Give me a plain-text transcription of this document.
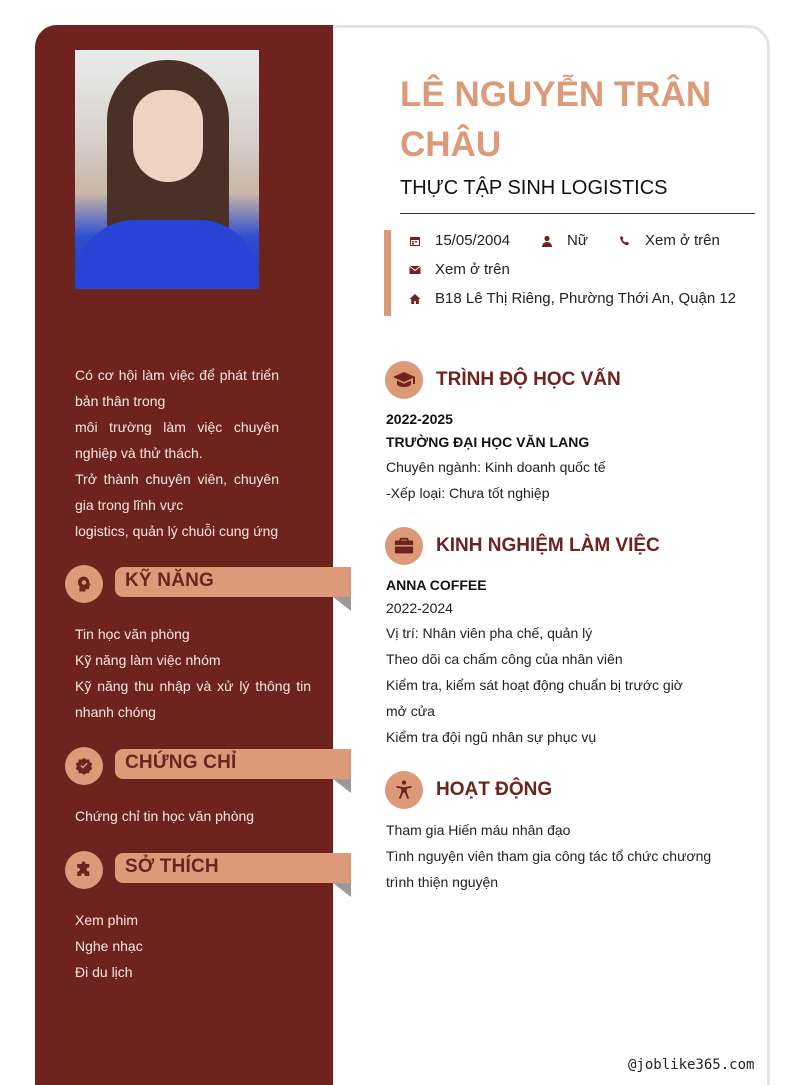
Có cơ hội làm việc để phát triển bản thân trong

môi trường làm việc chuyên nghiệp và thử thách.

Trở thành chuyên viên, chuyên gia trong lĩnh vực

logistics, quản lý chuỗi cung ứng

KỸ NĂNG
Tin học văn phòng
Kỹ năng làm việc nhóm
Kỹ năng thu nhập và xử lý thông tin nhanh chóng
CHỨNG CHỈ
Chứng chỉ tin học văn phòng
SỞ THÍCH
Xem phim
Nghe nhạc
Đi du lịch
LÊ NGUYỄN TRÂN CHÂU
THỰC TẬP SINH LOGISTICS
15/05/2004	Nữ	Xem ở trên
Xem ở trên
B18 Lê Thị Riêng, Phường Thới An, Quận 12
TRÌNH ĐỘ HỌC VẤN
2022-2025
TRƯỜNG ĐẠI HỌC VĂN LANG
Chuyên ngành: Kinh doanh quốc tế
-Xếp loại: Chưa tốt nghiệp
KINH NGHIỆM LÀM VIỆC
ANNA COFFEE
2022-2024
Vị trí: Nhân viên pha chế, quản lý
Theo dõi ca chấm công của nhân viên
Kiểm tra, kiểm sát hoạt động chuẩn bị trước giờ
mở cửa
Kiểm tra đội ngũ nhân sự phục vụ
HOẠT ĐỘNG
Tham gia Hiến máu nhân đạo
Tình nguyện viên tham gia công tác tổ chức chương trình thiện nguyện
@joblike365.com
